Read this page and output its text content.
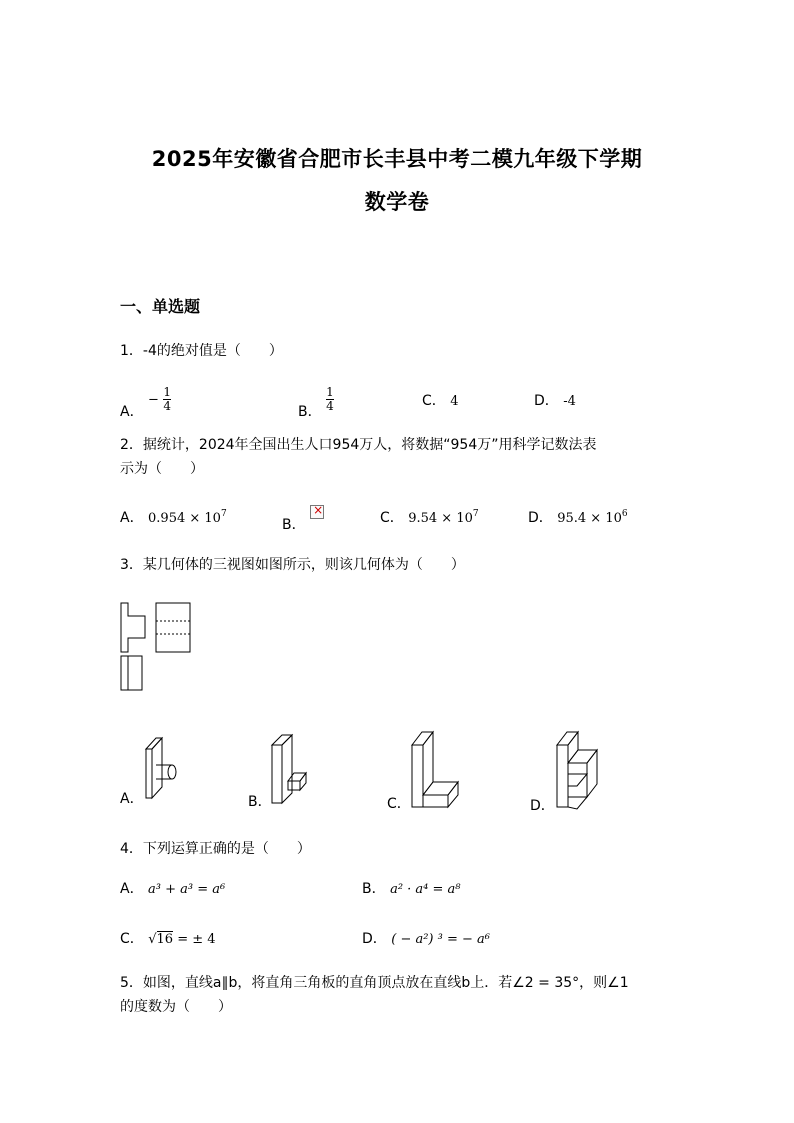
2025年安徽省合肥市长丰县中考二模九年级下学期
数学卷
一、单选题
1．-4的绝对值是（　　）
A． − $\frac{1}{4}$	B． $\frac{1}{4}$	C． 4	D． -4
2．据统计，2024年全国出生人口954万人，将数据“954万”用科学记数法表
示为（　　）
A． $0.954 \times 10^7$
B． ×	C． $9.54 \times 10^7$	D． $95.4 \times 10^6$
3．某几何体的三视图如图所示，则该几何体为（　　）
A．	B．	C．	D．
4．下列运算正确的是（　　）
A． a³ + a³ = a⁶	B． a² · a⁴ = a⁸
C． √16 = ± 4	D． ( − a²) ³ = − a⁶
5．如图，直线a∥b，将直角三角板的直角顶点放在直线b上．若∠2 = 35°，则∠1
的度数为（　　）
